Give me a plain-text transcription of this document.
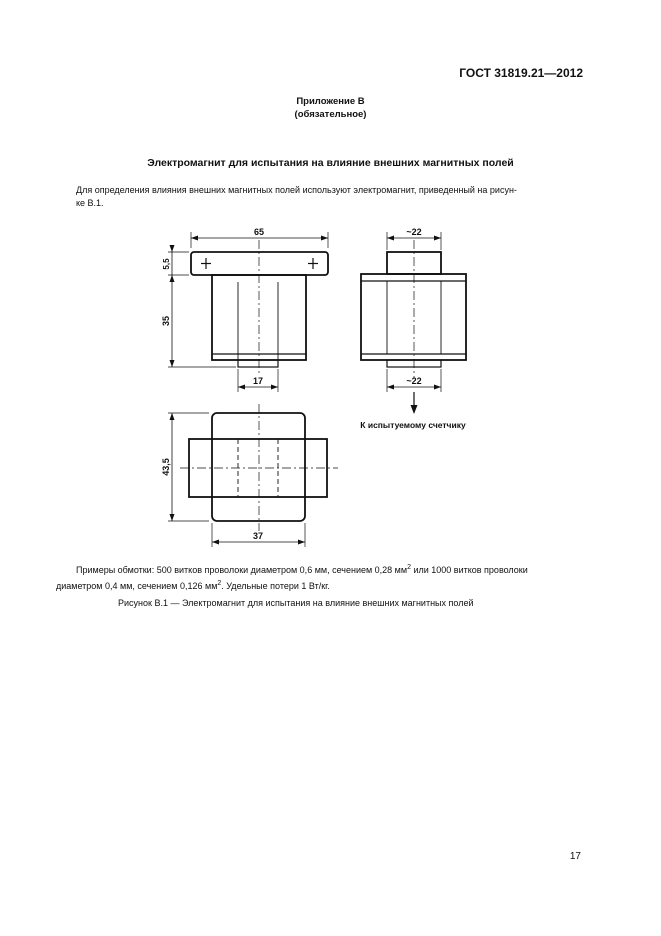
ГОСТ 31819.21—2012
Приложение В
(обязательное)
Электромагнит для испытания на влияние внешних магнитных полей
Для определения влияния внешних магнитных полей используют электромагнит, приведенный на рисун-
ке В.1.
65
5,5
35
17
~22
~22
К испытуемому счетчику
43,5
37
Примеры обмотки: 500 витков проволоки диаметром 0,6 мм, сечением 0,28 $мм^2$ или 1000 витков проволоки
диаметром 0,4 мм, сечением 0,126 $мм^2$. Удельные потери 1 Вт/кг.
Рисунок В.1 — Электромагнит для испытания на влияние внешних магнитных полей
17
